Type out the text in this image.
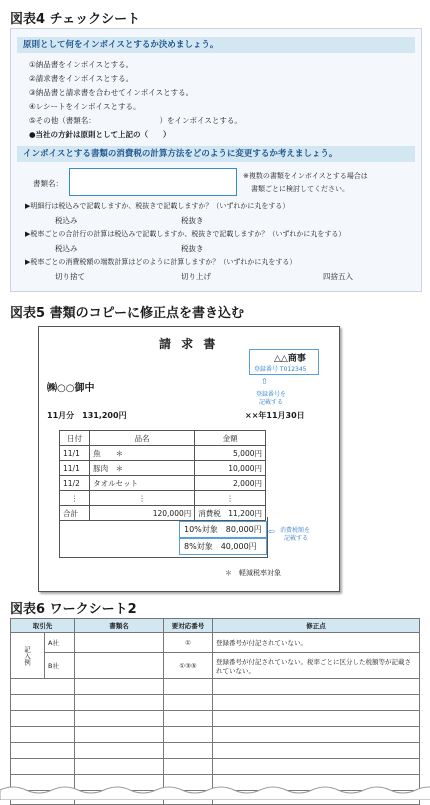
図表4 チェックシート
原則として何をインボイスとするか決めましょう。
①納品書をインボイスとする。
②請求書をインボイスとする。
③納品書と請求書を合わせてインボイスとする。
④レシートをインボイスとする。
⑤その他（書類名：　　　　　　　　　）をインボイスとする。
●当社の方針は原則として上記の（　　）
インボイスとする書類の消費税の計算方法をどのように変更するか考えましょう。
書類名：
※複数の書類をインボイスとする場合は
書類ごとに検討してください。
▶明細行は税込みで記載しますか、税抜きで記載しますか？（いずれかに丸をする）
税込み	税抜き
▶税率ごとの合計行の計算は税込みで記載しますか、税抜きで記載しますか？（いずれかに丸をする）
税込み	税抜き
▶税率ごとの消費税額の端数計算はどのように計算しますか？（いずれかに丸をする）
切り捨て	切り上げ	四捨五入
図表5 書類のコピーに修正点を書き込む
請 求 書
△△商事
登録番号 T012345
⇧
登録番号を
記載する
㈱○○御中
11月分　131,200円	××年11月30日
日付	品名	金額
11/1	魚　　＊	5,000円
11/1	豚肉　＊	10,000円
11/2	タオルセット	2,000円
⋮	⋮	⋮
合計	120,000円	消費税　 11,200円
10%対象　80,000円
8%対象　40,000円
⇦ 消費税額を
記載する
＊　軽減税率対象
図表6 ワークシート2
取引先		書類名	要対応番号	修正点
記入例	A社		①	登録番号が付記されていない。
	B社		①③⑤	登録番号が付記されていない。税率ごとに区分した税額等が記載されていない。
